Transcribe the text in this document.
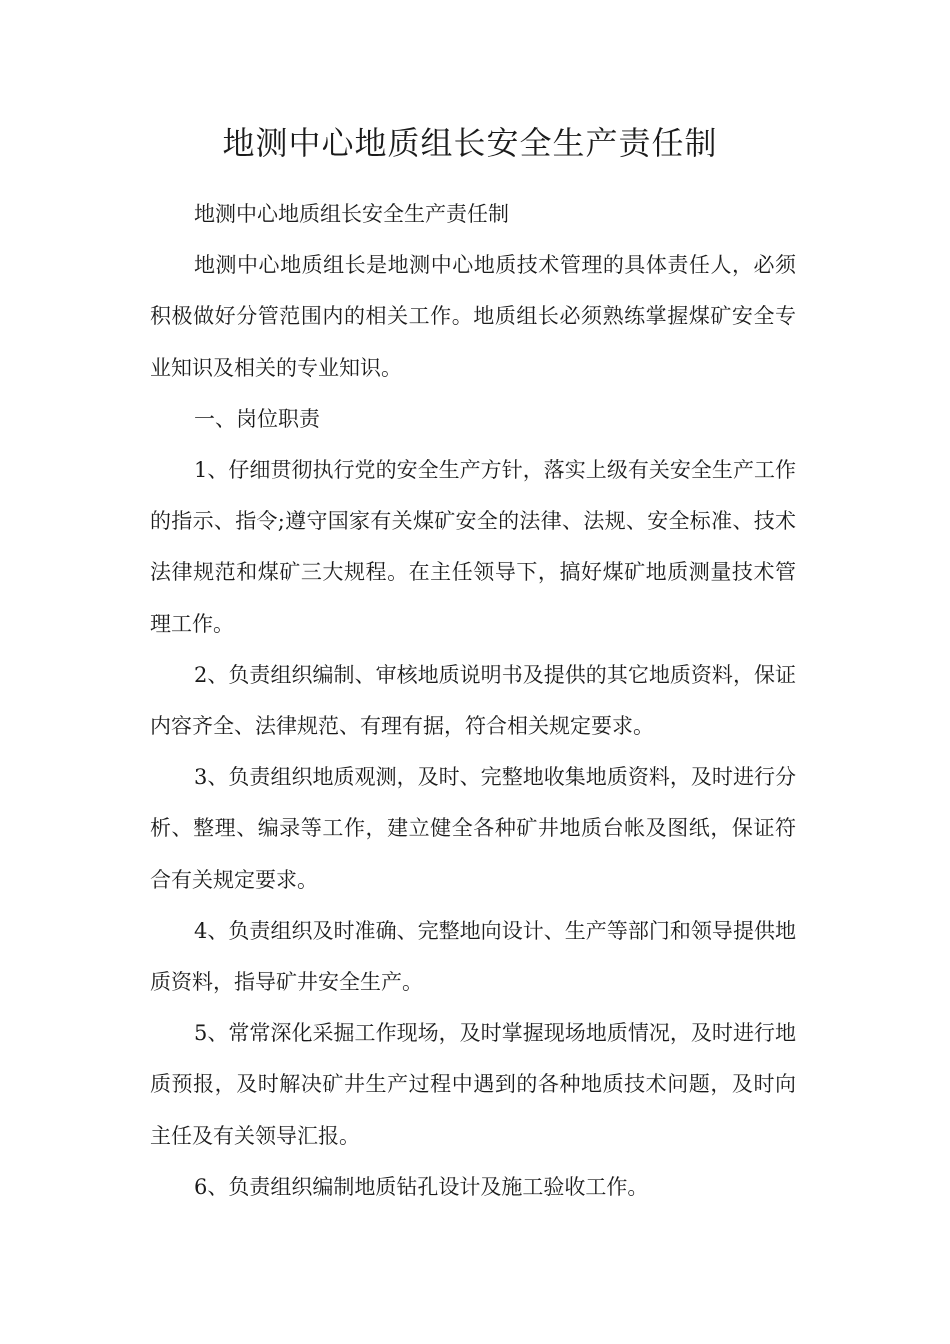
地测中心地质组长安全生产责任制

地测中心地质组长安全生产责任制

地测中心地质组长是地测中心地质技术管理的具体责任人，必须积极做好分管范围内的相关工作。地质组长必须熟练掌握煤矿安全专业知识及相关的专业知识。

一、岗位职责

1、仔细贯彻执行党的安全生产方针，落实上级有关安全生产工作的指示、指令;遵守国家有关煤矿安全的法律、法规、安全标准、技术法律规范和煤矿三大规程。在主任领导下，搞好煤矿地质测量技术管理工作。

2、负责组织编制、审核地质说明书及提供的其它地质资料，保证内容齐全、法律规范、有理有据，符合相关规定要求。

3、负责组织地质观测，及时、完整地收集地质资料，及时进行分析、整理、编录等工作，建立健全各种矿井地质台帐及图纸，保证符合有关规定要求。

4、负责组织及时准确、完整地向设计、生产等部门和领导提供地质资料，指导矿井安全生产。

5、常常深化采掘工作现场，及时掌握现场地质情况，及时进行地质预报，及时解决矿井生产过程中遇到的各种地质技术问题，及时向主任及有关领导汇报。

6、负责组织编制地质钻孔设计及施工验收工作。
